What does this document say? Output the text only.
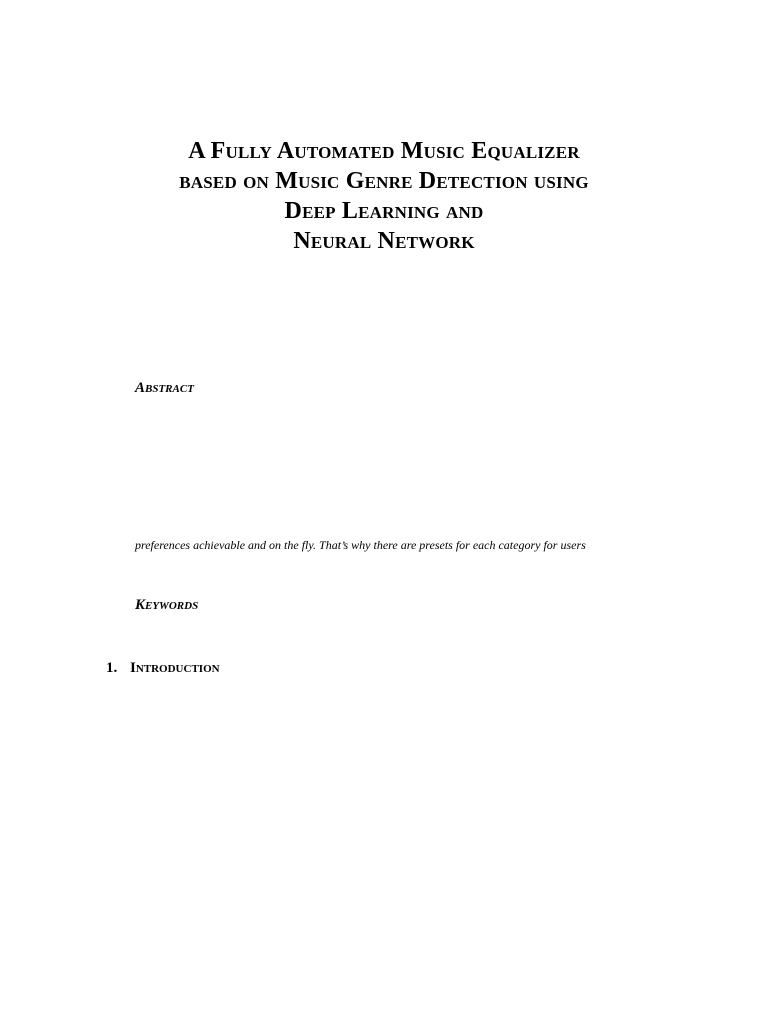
A Fully Automated Music Equalizer
based on Music Genre Detection using
Deep Learning and
Neural Network
Abstract
preferences achievable and on the fly. That’s why there are presets for each category for users
Keywords
1. Introduction
